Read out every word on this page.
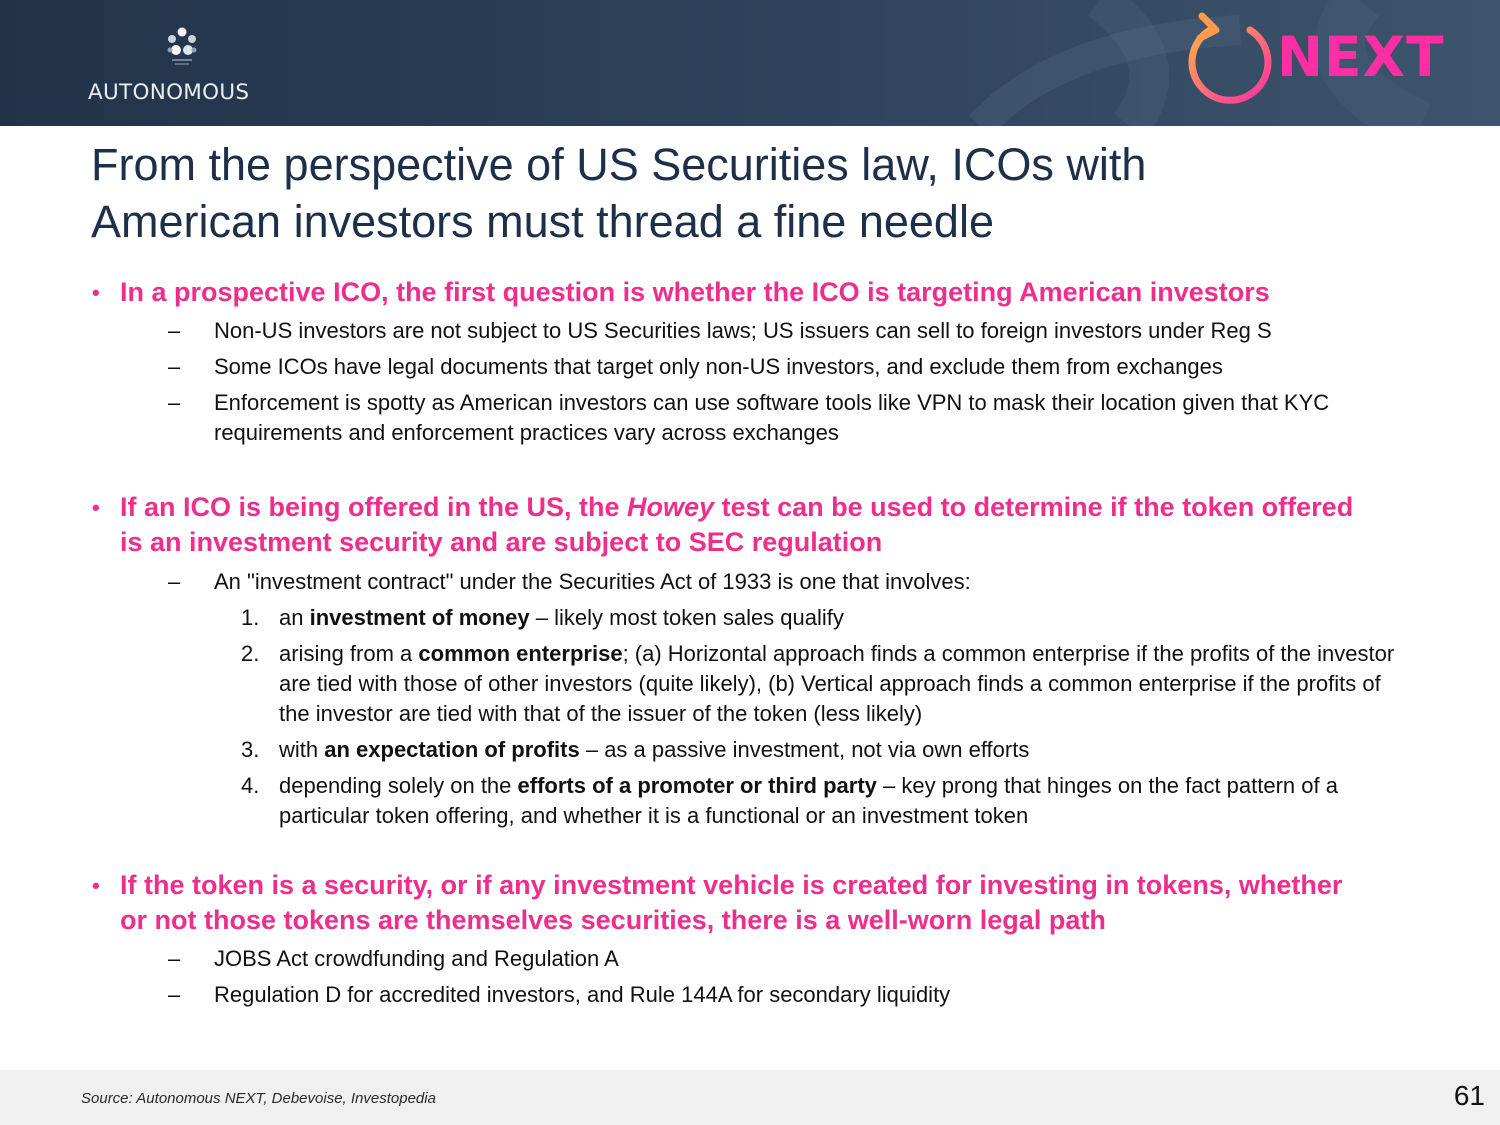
AUTONOMOUS
NEXT
From the perspective of US Securities law, ICOs with
American investors must thread a fine needle
• In a prospective ICO, the first question is whether the ICO is targeting American investors
– Non-US investors are not subject to US Securities laws; US issuers can sell to foreign investors under Reg S
– Some ICOs have legal documents that target only non-US investors, and exclude them from exchanges
– Enforcement is spotty as American investors can use software tools like VPN to mask their location given that KYC requirements and enforcement practices vary across exchanges
• If an ICO is being offered in the US, the Howey test can be used to determine if the token offered is an investment security and are subject to SEC regulation
– An "investment contract" under the Securities Act of 1933 is one that involves:
1. an investment of money – likely most token sales qualify
2. arising from a common enterprise; (a) Horizontal approach finds a common enterprise if the profits of the investor are tied with those of other investors (quite likely), (b) Vertical approach finds a common enterprise if the profits of the investor are tied with that of the issuer of the token (less likely)
3. with an expectation of profits – as a passive investment, not via own efforts
4. depending solely on the efforts of a promoter or third party – key prong that hinges on the fact pattern of a particular token offering, and whether it is a functional or an investment token
• If the token is a security, or if any investment vehicle is created for investing in tokens, whether or not those tokens are themselves securities, there is a well-worn legal path
– JOBS Act crowdfunding and Regulation A
– Regulation D for accredited investors, and Rule 144A for secondary liquidity
Source: Autonomous NEXT, Debevoise, Investopedia	61
